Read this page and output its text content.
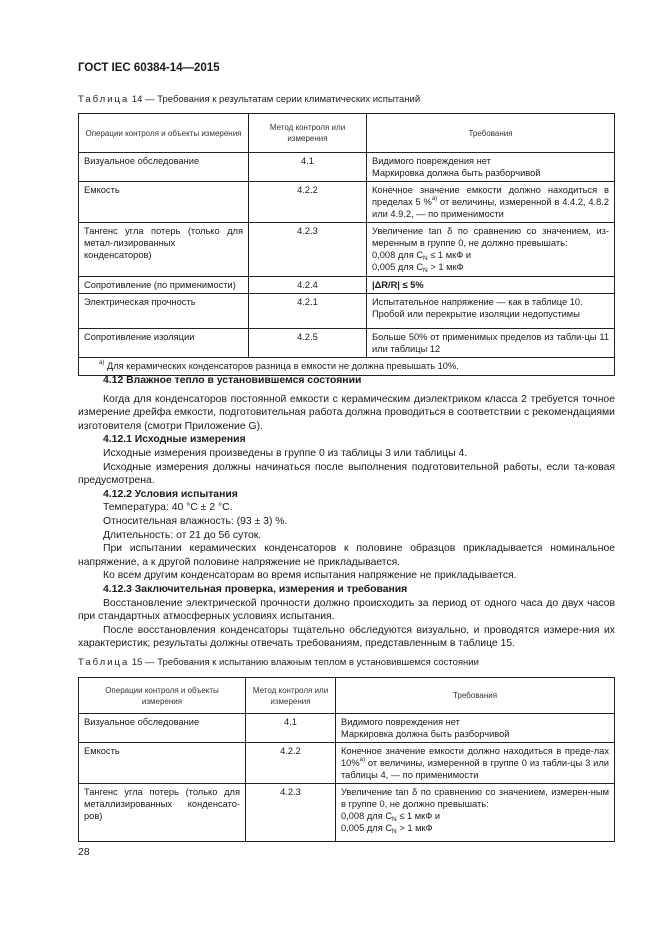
ГОСТ IEC 60384-14—2015
Таблица 14 — Требования к результатам серии климатических испытаний
Операции контроля и объекты измерения	Метод контроля или измерения	Требования
Визуальное обследование	4.1	Видимого повреждения нет
Маркировка должна быть разборчивой

Емкость	4.2.2	Конечное значение емкости должно находиться в пределах 5 %$^{а)}$ от величины, измеренной в 4.4.2, 4.8.2 или 4.9.2, — по применимости
Тангенс угла потерь (только для метал-лизированных конденсаторов)	4.2.3	Увеличение tan δ по сравнению со значением, из-меренным в группе 0, не должно превышать:
0,008 для $C_N \le 1$ мкФ и
0,005 для $C_N > 1$ мкФ

Сопротивление (по применимости)	4.2.4	|ΔR/R| ≤ 5%
Электрическая прочность	4.2.1	Испытательное напряжение — как в таблице 10.
Пробой или перекрытие изоляции недопустимы

Сопротивление изоляции	4.2.5	Больше 50% от применимых пределов из табли-цы 11 или таблицы 12
$^{а)}$ Для керамических конденсаторов разница в емкости не должна превышать 10%.		

4.12 Влажное тепло в установившемся состоянии

Когда для конденсаторов постоянной емкости с керамическим диэлектриком класса 2 требуется точное измерение дрейфа емкости, подготовительная работа должна проводиться в соответствии с рекомендациями изготовителя (смотри Приложение G).

4.12.1 Исходные измерения

Исходные измерения произведены в группе 0 из таблицы 3 или таблицы 4.

Исходные измерения должны начинаться после выполнения подготовительной работы, если та-ковая предусмотрена.

4.12.2 Условия испытания

Температура: 40 °С ± 2 °С.

Относительная влажность: (93 ± 3) %.

Длительность: от 21 до 56 суток.

При испытании керамических конденсаторов к половине образцов прикладывается номинальное напряжение, а к другой половине напряжение не прикладывается.

Ко всем другим конденсаторам во время испытания напряжение не прикладывается.

4.12.3 Заключительная проверка, измерения и требования

Восстановление электрической прочности должно происходить за период от одного часа до двух часов при стандартных атмосферных условиях испытания.

После восстановления конденсаторы тщательно обследуются визуально, и проводятся измере-ния их характеристик; результаты должны отвечать требованиям, представленным в таблице 15.

Таблица 15 — Требования к испытанию влажным теплом в установившемся состоянии
Операции контроля и объекты измерения	Метод контроля или измерения	Требования
Визуальное обследование	4.1	Видимого повреждения нет
Маркировка должна быть разборчивой

Емкость	4.2.2	Конечное значение емкости должно находиться в преде-лах 10%$^{а)}$ от величины, измеренной в группе 0 из табли-цы 3 или таблицы 4, — по применимости
Тангенс угла потерь (только для металлизированных конденсато-ров)	4.2.3	Увеличение tan δ по сравнению со значением, измерен-ным в группе 0, не должно превышать:
0,008 для $C_N \le 1$ мкФ и
0,005 для $C_N > 1$ мкФ
28
